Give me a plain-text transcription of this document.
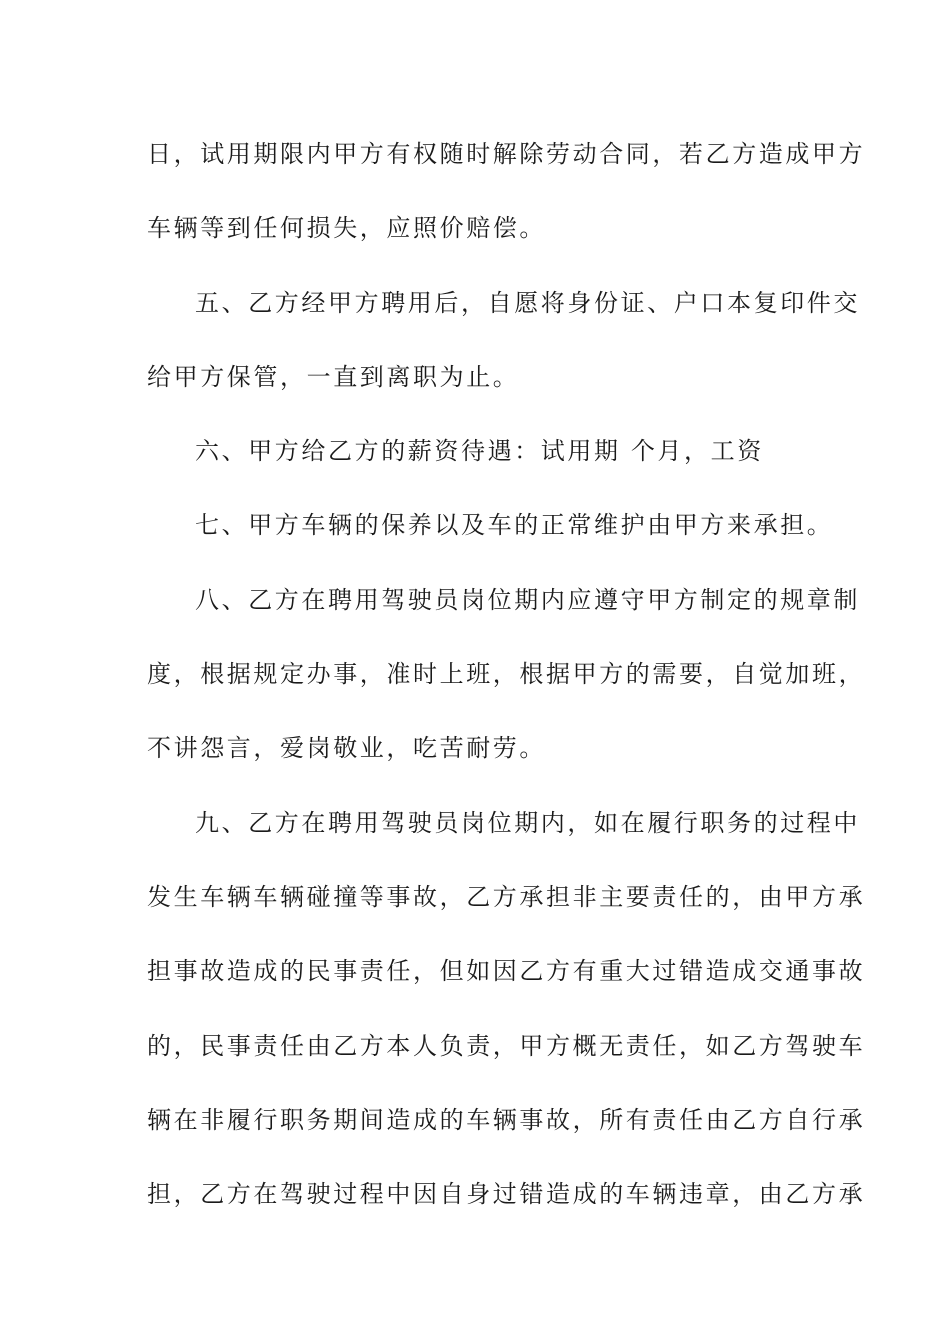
日，试用期限内甲方有权随时解除劳动合同，若乙方造成甲方
车辆等到任何损失，应照价赔偿。
五、乙方经甲方聘用后，自愿将身份证、户口本复印件交
给甲方保管，一直到离职为止。
六、甲方给乙方的薪资待遇：试用期 个月，工资
七、甲方车辆的保养以及车的正常维护由甲方来承担。
八、乙方在聘用驾驶员岗位期内应遵守甲方制定的规章制
度，根据规定办事，准时上班，根据甲方的需要，自觉加班，
不讲怨言，爱岗敬业，吃苦耐劳。
九、乙方在聘用驾驶员岗位期内，如在履行职务的过程中
发生车辆车辆碰撞等事故，乙方承担非主要责任的，由甲方承
担事故造成的民事责任，但如因乙方有重大过错造成交通事故
的，民事责任由乙方本人负责，甲方概无责任，如乙方驾驶车
辆在非履行职务期间造成的车辆事故，所有责任由乙方自行承
担，乙方在驾驶过程中因自身过错造成的车辆违章，由乙方承
